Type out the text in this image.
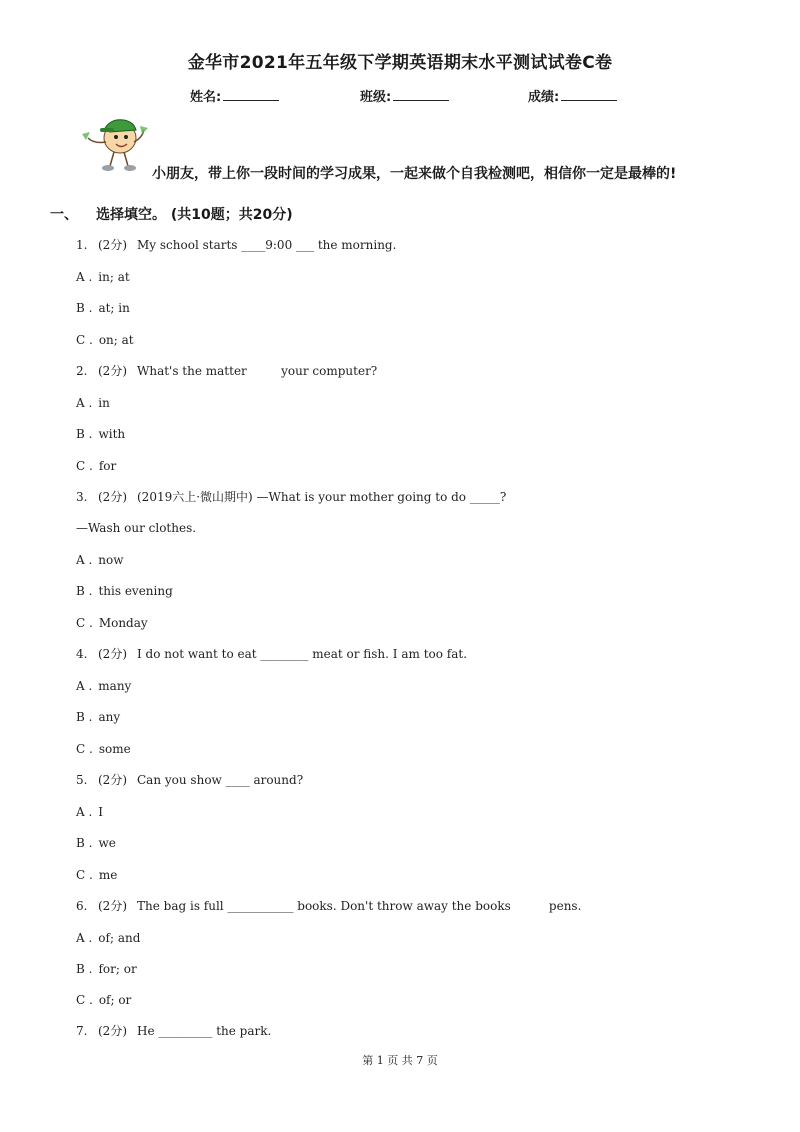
金华市2021年五年级下学期英语期末水平测试试卷C卷
姓名:	班级:	成绩:
小朋友，带上你一段时间的学习成果，一起来做个自我检测吧，相信你一定是最棒的!
一、 选择填空。 (共10题；共20分)
1. (2分) My school starts ____9:00 ___ the morning.
A . in; at
B . at; in
C . on; at
2. (2分) What's the matter         your computer?
A . in
B . with
C . for
3. (2分) (2019六上·微山期中) —What is your mother going to do _____?
—Wash our clothes.
A . now
B . this evening
C . Monday
4. (2分) I do not want to eat ________ meat or fish. I am too fat.
A . many
B . any
C . some
5. (2分) Can you show ____ around?
A . I
B . we
C . me
6. (2分) The bag is full ___________ books. Don't throw away the books          pens.
A . of; and
B . for; or
C . of; or
7. (2分) He _________ the park.
第 1 页 共 7 页
